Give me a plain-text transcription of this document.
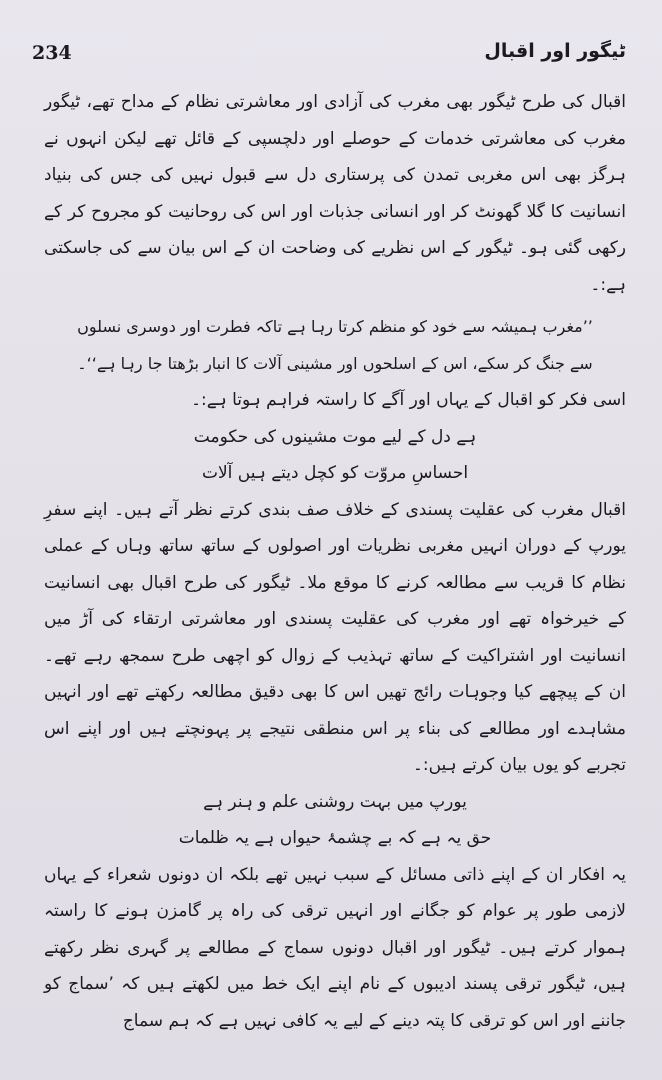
234	ٹیگور اور اقبال

اقبال کی طرح ٹیگور بھی مغرب کی آزادی اور معاشرتی نظام کے مداح تھے، ٹیگور مغرب کی معاشرتی خدمات کے حوصلے اور دلچسپی کے قائل تھے لیکن انہوں نے ہرگز بھی اس مغربی تمدن کی پرستاری دل سے قبول نہیں کی جس کی بنیاد انسانیت کا گلا گھونٹ کر اور انسانی جذبات اور اس کی روحانیت کو مجروح کر کے رکھی گئی ہو۔ ٹیگور کے اس نظریے کی وضاحت ان کے اس بیان سے کی جاسکتی ہے:۔

’’مغرب ہمیشہ سے خود کو منظم کرتا رہا ہے تاکہ فطرت اور دوسری نسلوں سے جنگ کر سکے، اس کے اسلحوں اور مشینی آلات کا انبار بڑھتا جا رہا ہے‘‘۔

اسی فکر کو اقبال کے یہاں اور آگے کا راستہ فراہم ہوتا ہے:۔

ہے دل کے لیے موت مشینوں کی حکومت

احساسِ مروّت کو کچل دیتے ہیں آلات

اقبال مغرب کی عقلیت پسندی کے خلاف صف بندی کرتے نظر آتے ہیں۔ اپنے سفرِ یورپ کے دوران انہیں مغربی نظریات اور اصولوں کے ساتھ ساتھ وہاں کے عملی نظام کا قریب سے مطالعہ کرنے کا موقع ملا۔ ٹیگور کی طرح اقبال بھی انسانیت کے خیرخواہ تھے اور مغرب کی عقلیت پسندی اور معاشرتی ارتقاء کی آڑ میں انسانیت اور اشتراکیت کے ساتھ تہذیب کے زوال کو اچھی طرح سمجھ رہے تھے۔ ان کے پیچھے کیا وجوہات رائج تھیں اس کا بھی دقیق مطالعہ رکھتے تھے اور انہیں مشاہدے اور مطالعے کی بناء پر اس منطقی نتیجے پر پہونچتے ہیں اور اپنے اس تجربے کو یوں بیان کرتے ہیں:۔

یورپ میں بہت روشنی علم و ہنر ہے

حق یہ ہے کہ بے چشمۂ حیواں ہے یہ ظلمات

یہ افکار ان کے اپنے ذاتی مسائل کے سبب نہیں تھے بلکہ ان دونوں شعراء کے یہاں لازمی طور پر عوام کو جگانے اور انہیں ترقی کی راہ پر گامزن ہونے کا راستہ ہموار کرتے ہیں۔ ٹیگور اور اقبال دونوں سماج کے مطالعے پر گہری نظر رکھتے ہیں، ٹیگور ترقی پسند ادیبوں کے نام اپنے ایک خط میں لکھتے ہیں کہ ’سماج کو جاننے اور اس کو ترقی کا پتہ دینے کے لیے یہ کافی نہیں ہے کہ ہم سماج
